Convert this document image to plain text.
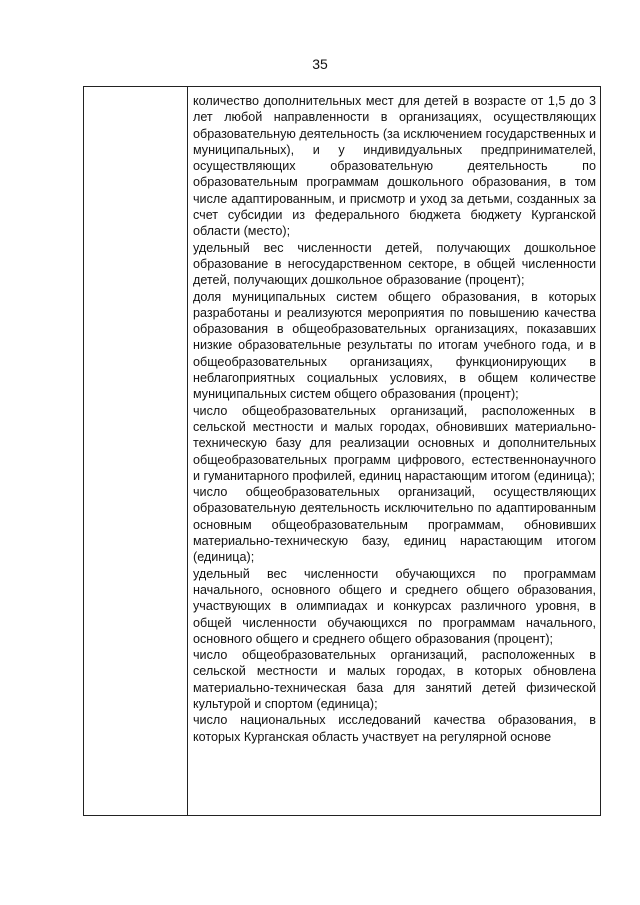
35

количество дополнительных мест для детей в возрасте от 1,5 до 3 лет любой направленности в организациях, осуществляющих образовательную деятельность (за исключением государственных и муниципальных), и у индивидуальных предпринимателей, осуществляющих образовательную деятельность по образовательным программам дошкольного образования, в том числе адаптированным, и присмотр и уход за детьми, созданных за счет субсидии из федерального бюджета бюджету Курганской области (место);

удельный вес численности детей, получающих дошкольное образование в негосударственном секторе, в общей численности детей, получающих дошкольное образование (процент);

доля муниципальных систем общего образования, в которых разработаны и реализуются мероприятия по повышению качества образования в общеобразовательных организациях, показавших низкие образовательные результаты по итогам учебного года, и в общеобразовательных организациях, функционирующих в неблагоприятных социальных условиях, в общем количестве муниципальных систем общего образования (процент);

число общеобразовательных организаций, расположенных в сельской местности и малых городах, обновивших материально-техническую базу для реализации основных и дополнительных общеобразовательных программ цифрового, естественнонаучного и гуманитарного профилей, единиц нарастающим итогом (единица);

число общеобразовательных организаций, осуществляющих образовательную деятельность исключительно по адаптированным основным общеобразовательным программам, обновивших материально-техническую базу, единиц нарастающим итогом (единица);

удельный вес численности обучающихся по программам начального, основного общего и среднего общего образования, участвующих в олимпиадах и конкурсах различного уровня, в общей численности обучающихся по программам начального, основного общего и среднего общего образования (процент);

число общеобразовательных организаций, расположенных в сельской местности и малых городах, в которых обновлена материально-техническая база для занятий детей физической культурой и спортом (единица);

число национальных исследований качества образования, в которых Курганская область участвует на регулярной основе
